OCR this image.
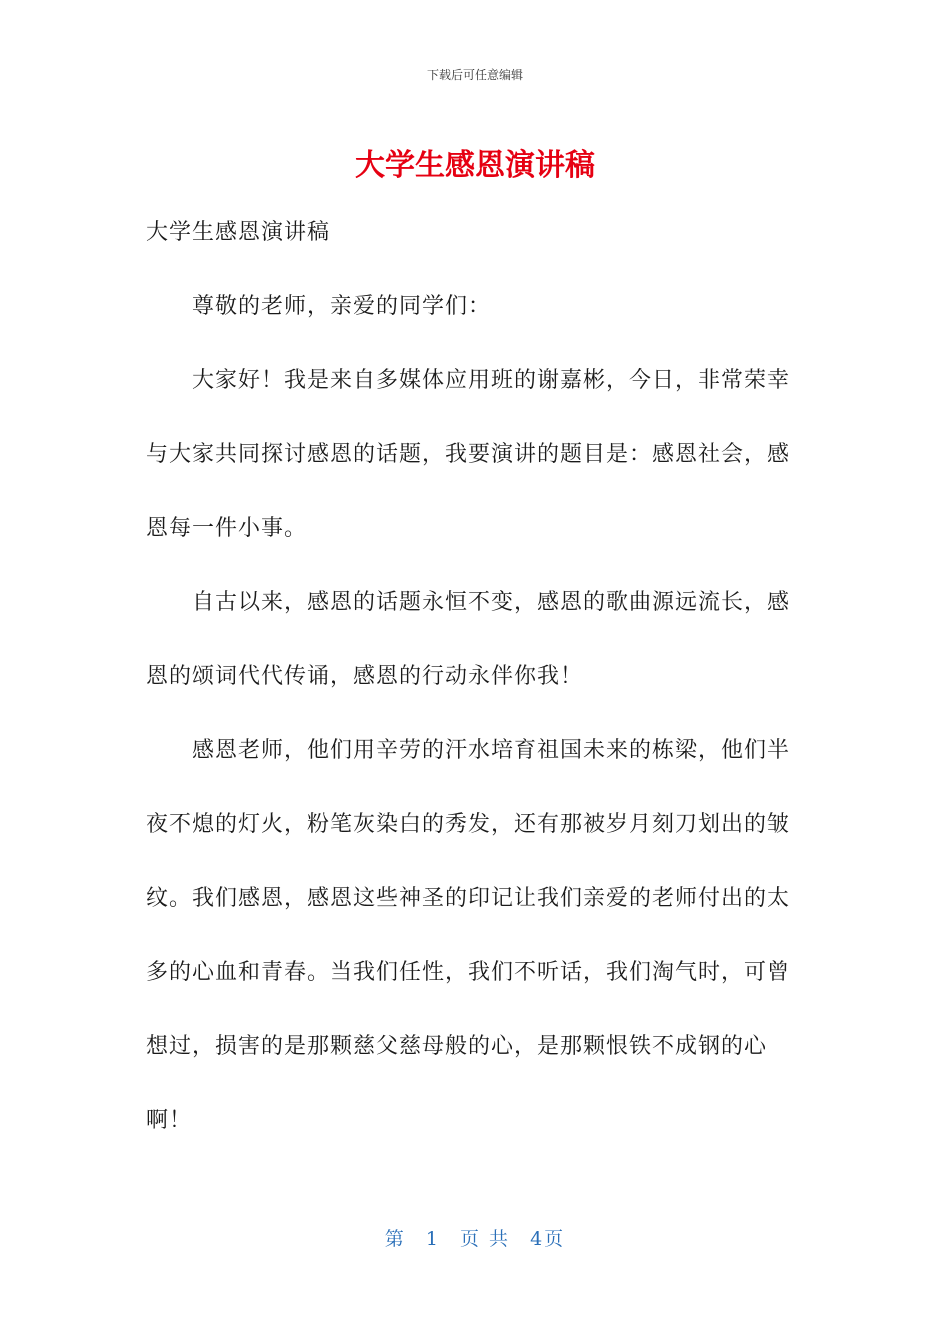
下载后可任意编辑
大学生感恩演讲稿

大学生感恩演讲稿

尊敬的老师，亲爱的同学们：

大家好！我是来自多媒体应用班的谢嘉彬，今日，非常荣幸与大家共同探讨感恩的话题，我要演讲的题目是：感恩社会，感恩每一件小事。

自古以来，感恩的话题永恒不变，感恩的歌曲源远流长，感恩的颂词代代传诵，感恩的行动永伴你我！

感恩老师，他们用辛劳的汗水培育祖国未来的栋梁，他们半夜不熄的灯火，粉笔灰染白的秀发，还有那被岁月刻刀划出的皱纹。我们感恩，感恩这些神圣的印记让我们亲爱的老师付出的太多的心血和青春。当我们任性，我们不听话，我们淘气时，可曾想过，损害的是那颗慈父慈母般的心，是那颗恨铁不成钢的心啊！

第 1 页 共 4页
